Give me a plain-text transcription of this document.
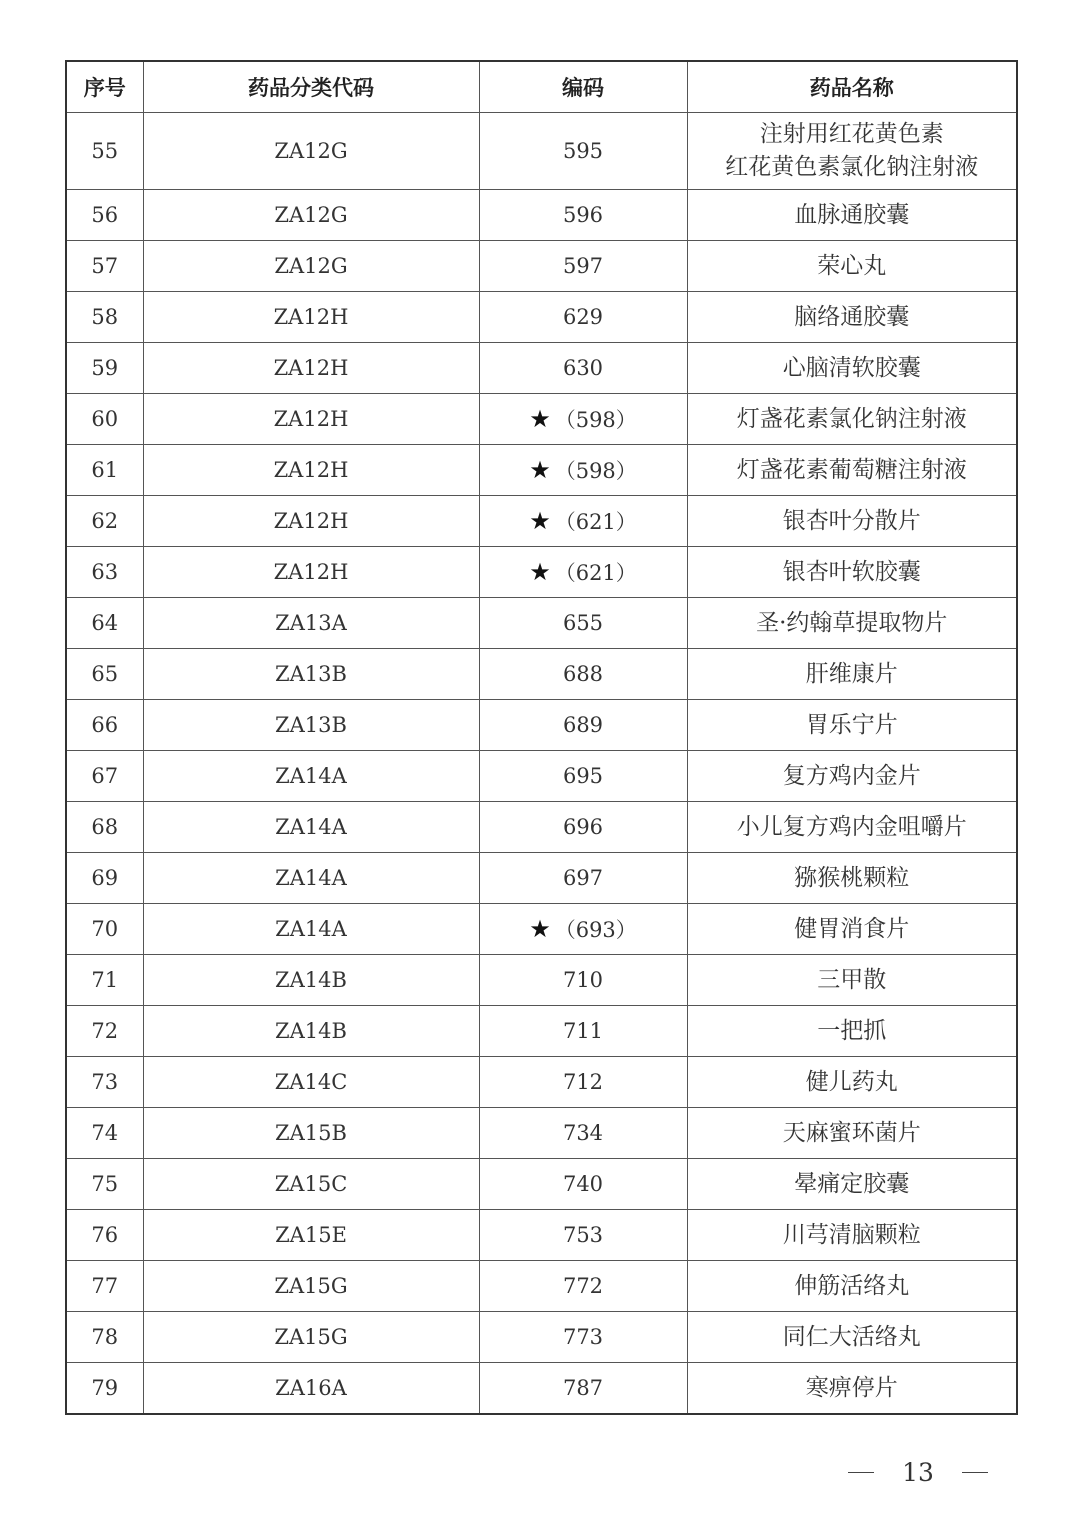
序号	药品分类代码	编码	药品名称
55	ZA12G	595	注射用红花黄色素
红花黄色素氯化钠注射液

56	ZA12G	596	血脉通胶囊

57	ZA12G	597	荣心丸

58	ZA12H	629	脑络通胶囊

59	ZA12H	630	心脑清软胶囊

60	ZA12H	★ （598）	灯盏花素氯化钠注射液

61	ZA12H	★ （598）	灯盏花素葡萄糖注射液

62	ZA12H	★ （621）	银杏叶分散片

63	ZA12H	★ （621）	银杏叶软胶囊

64	ZA13A	655	圣·约翰草提取物片

65	ZA13B	688	肝维康片

66	ZA13B	689	胃乐宁片

67	ZA14A	695	复方鸡内金片

68	ZA14A	696	小儿复方鸡内金咀嚼片

69	ZA14A	697	猕猴桃颗粒

70	ZA14A	★ （693）	健胃消食片

71	ZA14B	710	三甲散

72	ZA14B	711	一把抓

73	ZA14C	712	健儿药丸

74	ZA15B	734	天麻蜜环菌片

75	ZA15C	740	晕痛定胶囊

76	ZA15E	753	川芎清脑颗粒

77	ZA15G	772	伸筋活络丸

78	ZA15G	773	同仁大活络丸

79	ZA16A	787	寒痹停片
13
